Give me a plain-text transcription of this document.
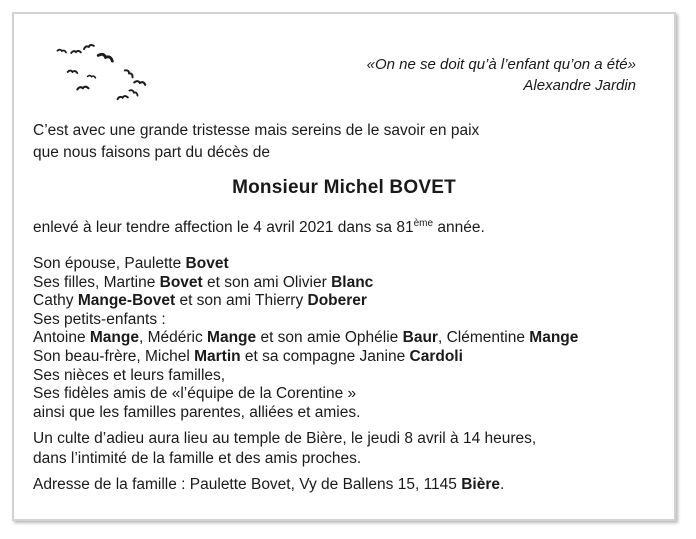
«On ne se doit qu’à l’enfant qu’on a été»
Alexandre Jardin
C’est avec une grande tristesse mais sereins de le savoir en paix
que nous faisons part du décès de
Monsieur Michel BOVET
enlevé à leur tendre affection le 4 avril 2021 dans sa 81ème année.
Son épouse, Paulette Bovet
Ses filles, Martine Bovet et son ami Olivier Blanc
Cathy Mange-Bovet et son ami Thierry Doberer
Ses petits-enfants :
Antoine Mange, Médéric Mange et son amie Ophélie Baur, Clémentine Mange
Son beau-frère, Michel Martin et sa compagne Janine Cardoli
Ses nièces et leurs familles,
Ses fidèles amis de «l’équipe de la Corentine »
ainsi que les familles parentes, alliées et amies.
Un culte d’adieu aura lieu au temple de Bière, le jeudi 8 avril à 14 heures,
dans l’intimité de la famille et des amis proches.
Adresse de la famille : Paulette Bovet, Vy de Ballens 15, 1145 Bière.
